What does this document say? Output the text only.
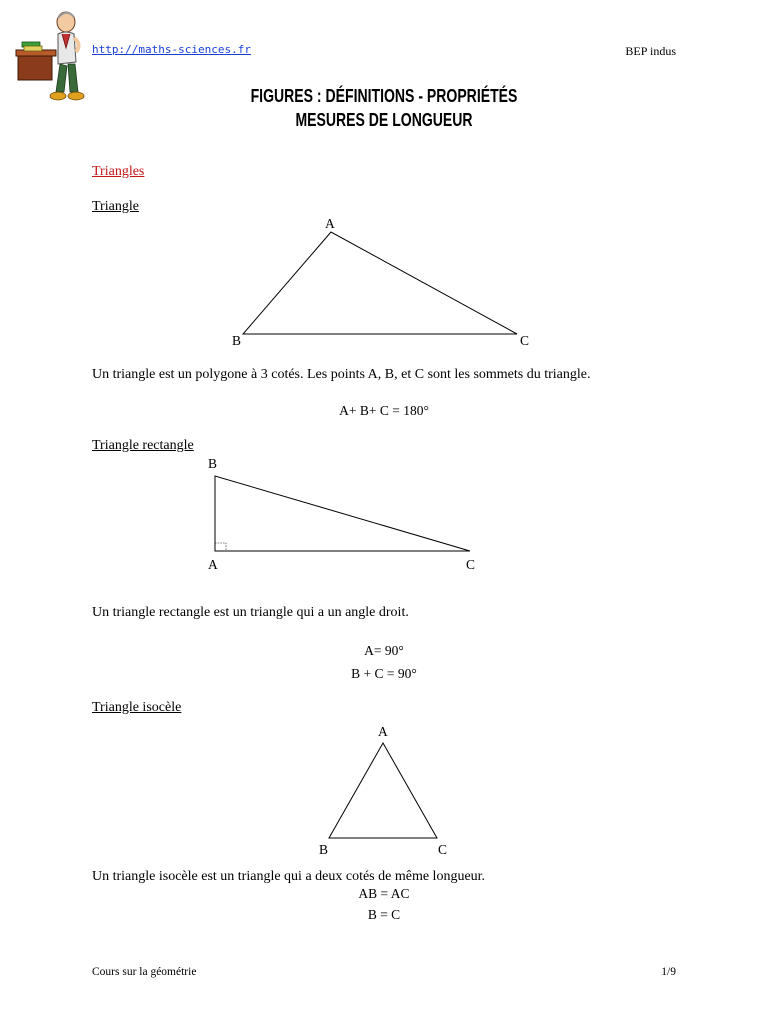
http://maths-sciences.fr	BEP indus
FIGURES : DÉFINITIONS - PROPRIÉTÉS
MESURES DE LONGUEUR
Triangles
Triangle
A
B	C
Un triangle est un polygone à 3 cotés. Les points A, B, et C sont les sommets du triangle.
A+ B+ C = 180°
Triangle rectangle
B
A	C
Un triangle rectangle est un triangle qui a un angle droit.
A= 90°
B + C = 90°
Triangle isocèle
A
B	C
Un triangle isocèle est un triangle qui a deux cotés de même longueur.
AB = AC
B = C
Cours sur la géométrie	1/9
